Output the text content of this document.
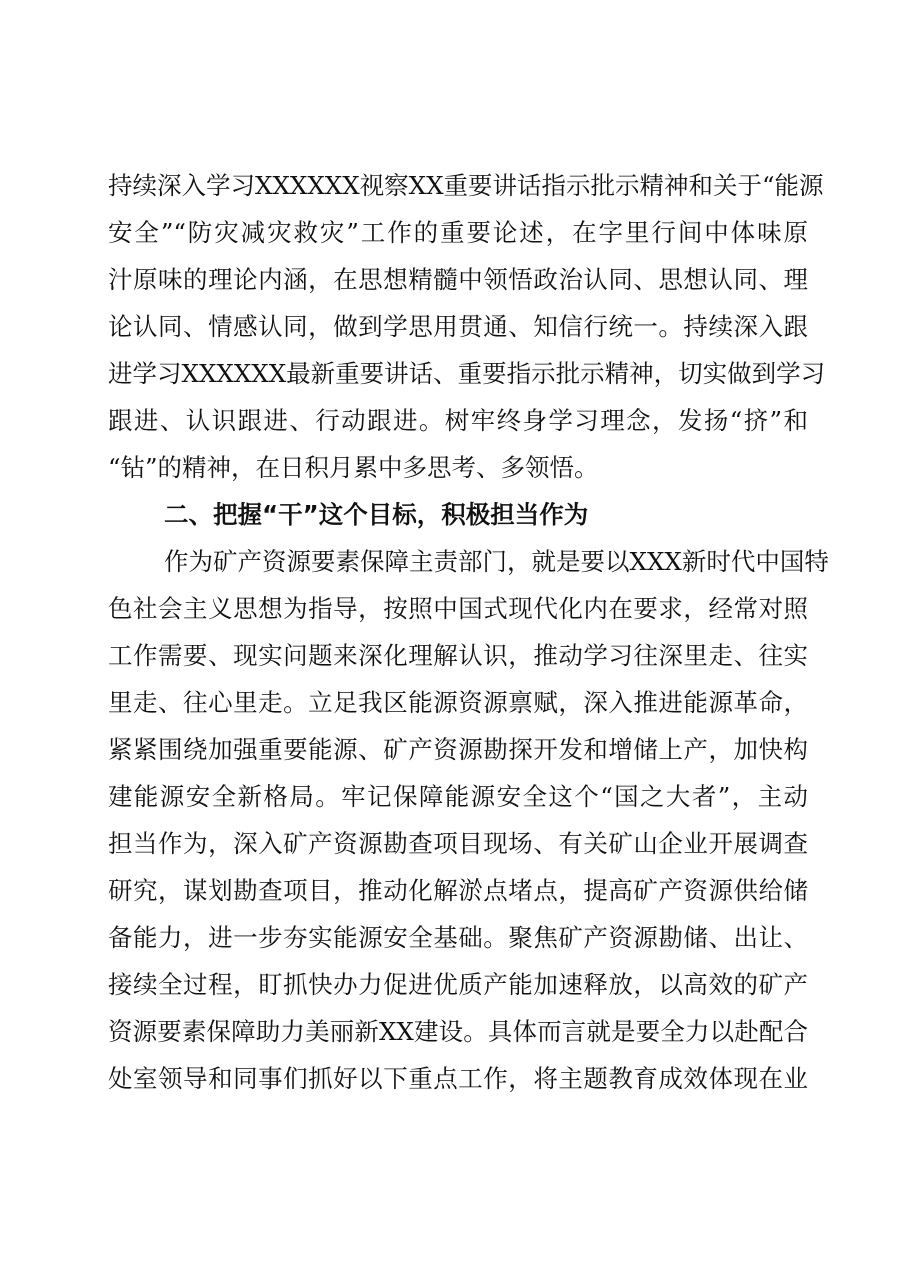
持续深入学习XXXXXX视察XX重要讲话指示批示精神和关于“能源
安全”“防灾减灾救灾”工作的重要论述，在字里行间中体味原
汁原味的理论内涵，在思想精髓中领悟政治认同、思想认同、理
论认同、情感认同，做到学思用贯通、知信行统一。持续深入跟
进学习XXXXXX最新重要讲话、重要指示批示精神，切实做到学习
跟进、认识跟进、行动跟进。树牢终身学习理念，发扬“挤”和
“钻”的精神，在日积月累中多思考、多领悟。
二、把握“干”这个目标，积极担当作为
作为矿产资源要素保障主责部门，就是要以XXX新时代中国特
色社会主义思想为指导，按照中国式现代化内在要求，经常对照
工作需要、现实问题来深化理解认识，推动学习往深里走、往实
里走、往心里走。立足我区能源资源禀赋，深入推进能源革命，
紧紧围绕加强重要能源、矿产资源勘探开发和增储上产，加快构
建能源安全新格局。牢记保障能源安全这个“国之大者”，主动
担当作为，深入矿产资源勘查项目现场、有关矿山企业开展调查
研究，谋划勘查项目，推动化解淤点堵点，提高矿产资源供给储
备能力，进一步夯实能源安全基础。聚焦矿产资源勘储、出让、
接续全过程，盯抓快办力促进优质产能加速释放，以高效的矿产
资源要素保障助力美丽新XX建设。具体而言就是要全力以赴配合
处室领导和同事们抓好以下重点工作，将主题教育成效体现在业
